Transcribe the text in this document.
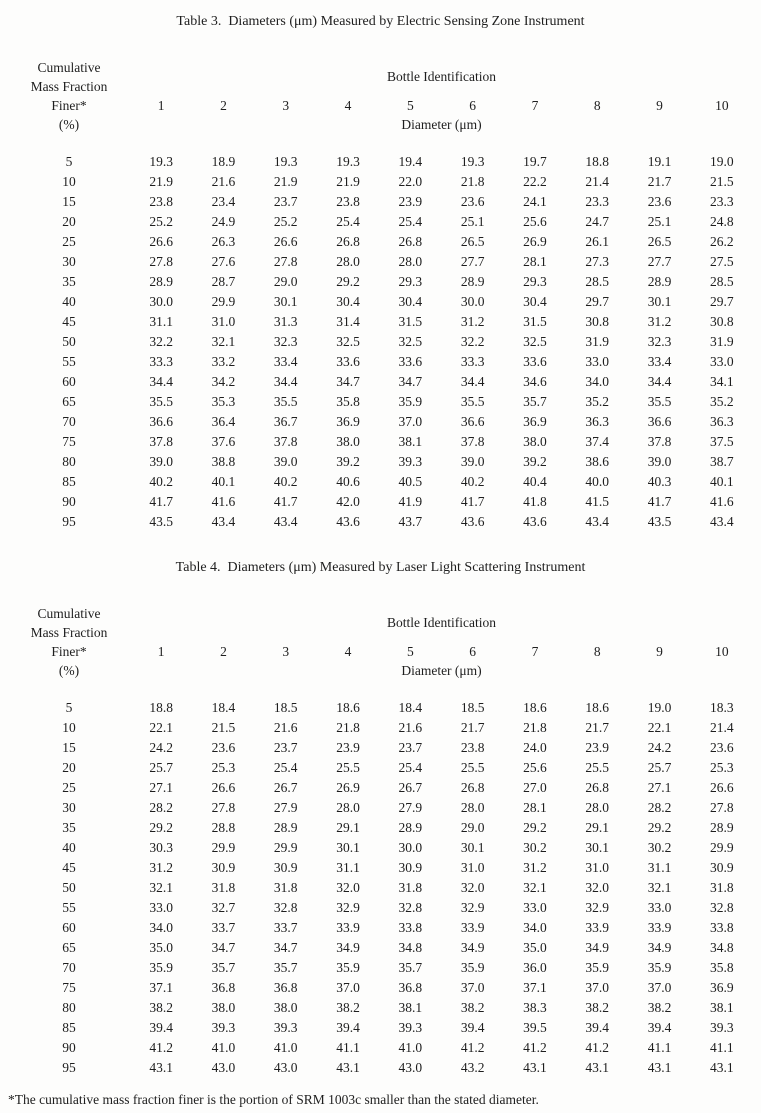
Table 3.  Diameters (μm) Measured by Electric Sensing Zone Instrument
Cumulative
Mass Fraction
Finer*
(%)
Bottle Identification
1	2	3	4	5	6	7	8	9	10
Diameter (μm)
5	19.3	18.9	19.3	19.3	19.4	19.3	19.7	18.8	19.1	19.0
10	21.9	21.6	21.9	21.9	22.0	21.8	22.2	21.4	21.7	21.5
15	23.8	23.4	23.7	23.8	23.9	23.6	24.1	23.3	23.6	23.3
20	25.2	24.9	25.2	25.4	25.4	25.1	25.6	24.7	25.1	24.8
25	26.6	26.3	26.6	26.8	26.8	26.5	26.9	26.1	26.5	26.2
30	27.8	27.6	27.8	28.0	28.0	27.7	28.1	27.3	27.7	27.5
35	28.9	28.7	29.0	29.2	29.3	28.9	29.3	28.5	28.9	28.5
40	30.0	29.9	30.1	30.4	30.4	30.0	30.4	29.7	30.1	29.7
45	31.1	31.0	31.3	31.4	31.5	31.2	31.5	30.8	31.2	30.8
50	32.2	32.1	32.3	32.5	32.5	32.2	32.5	31.9	32.3	31.9
55	33.3	33.2	33.4	33.6	33.6	33.3	33.6	33.0	33.4	33.0
60	34.4	34.2	34.4	34.7	34.7	34.4	34.6	34.0	34.4	34.1
65	35.5	35.3	35.5	35.8	35.9	35.5	35.7	35.2	35.5	35.2
70	36.6	36.4	36.7	36.9	37.0	36.6	36.9	36.3	36.6	36.3
75	37.8	37.6	37.8	38.0	38.1	37.8	38.0	37.4	37.8	37.5
80	39.0	38.8	39.0	39.2	39.3	39.0	39.2	38.6	39.0	38.7
85	40.2	40.1	40.2	40.6	40.5	40.2	40.4	40.0	40.3	40.1
90	41.7	41.6	41.7	42.0	41.9	41.7	41.8	41.5	41.7	41.6
95	43.5	43.4	43.4	43.6	43.7	43.6	43.6	43.4	43.5	43.4
Table 4.  Diameters (μm) Measured by Laser Light Scattering Instrument
Cumulative
Mass Fraction
Finer*
(%)
Bottle Identification
1	2	3	4	5	6	7	8	9	10
Diameter (μm)
5	18.8	18.4	18.5	18.6	18.4	18.5	18.6	18.6	19.0	18.3
10	22.1	21.5	21.6	21.8	21.6	21.7	21.8	21.7	22.1	21.4
15	24.2	23.6	23.7	23.9	23.7	23.8	24.0	23.9	24.2	23.6
20	25.7	25.3	25.4	25.5	25.4	25.5	25.6	25.5	25.7	25.3
25	27.1	26.6	26.7	26.9	26.7	26.8	27.0	26.8	27.1	26.6
30	28.2	27.8	27.9	28.0	27.9	28.0	28.1	28.0	28.2	27.8
35	29.2	28.8	28.9	29.1	28.9	29.0	29.2	29.1	29.2	28.9
40	30.3	29.9	29.9	30.1	30.0	30.1	30.2	30.1	30.2	29.9
45	31.2	30.9	30.9	31.1	30.9	31.0	31.2	31.0	31.1	30.9
50	32.1	31.8	31.8	32.0	31.8	32.0	32.1	32.0	32.1	31.8
55	33.0	32.7	32.8	32.9	32.8	32.9	33.0	32.9	33.0	32.8
60	34.0	33.7	33.7	33.9	33.8	33.9	34.0	33.9	33.9	33.8
65	35.0	34.7	34.7	34.9	34.8	34.9	35.0	34.9	34.9	34.8
70	35.9	35.7	35.7	35.9	35.7	35.9	36.0	35.9	35.9	35.8
75	37.1	36.8	36.8	37.0	36.8	37.0	37.1	37.0	37.0	36.9
80	38.2	38.0	38.0	38.2	38.1	38.2	38.3	38.2	38.2	38.1
85	39.4	39.3	39.3	39.4	39.3	39.4	39.5	39.4	39.4	39.3
90	41.2	41.0	41.0	41.1	41.0	41.2	41.2	41.2	41.1	41.1
95	43.1	43.0	43.0	43.1	43.0	43.2	43.1	43.1	43.1	43.1
*The cumulative mass fraction finer is the portion of SRM 1003c smaller than the stated diameter.
